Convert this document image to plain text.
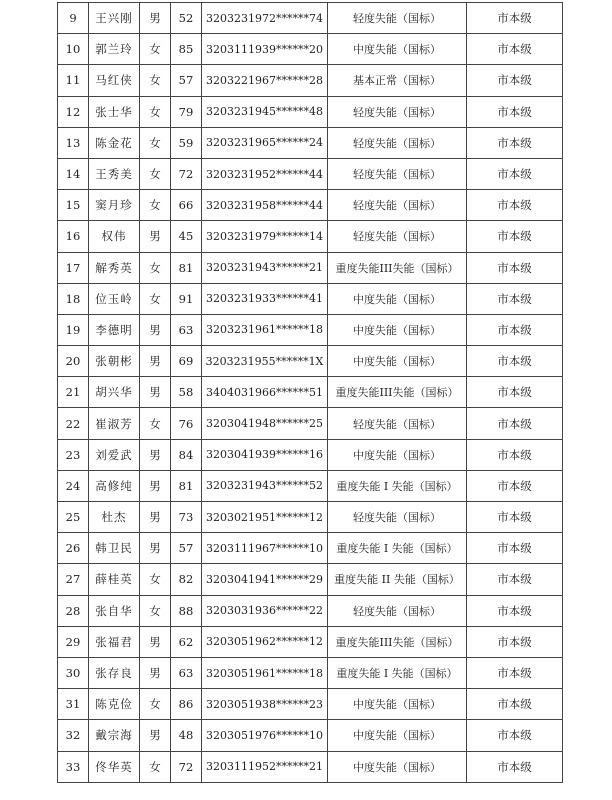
9	王兴刚	男	52	3203231972******74	轻度失能（国标）	市本级
10	郭兰玲	女	85	3203111939******20	中度失能（国标）	市本级
11	马红侠	女	57	3203221967******28	基本正常（国标）	市本级
12	张士华	女	79	3203231945******48	轻度失能（国标）	市本级
13	陈金花	女	59	3203231965******24	轻度失能（国标）	市本级
14	王秀美	女	72	3203231952******44	轻度失能（国标）	市本级
15	窦月珍	女	66	3203231958******44	轻度失能（国标）	市本级
16	权伟	男	45	3203231979******14	轻度失能（国标）	市本级
17	解秀英	女	81	3203231943******21	重度失能III失能（国标）	市本级
18	位玉岭	女	91	3203231933******41	中度失能（国标）	市本级
19	李德明	男	63	3203231961******18	中度失能（国标）	市本级
20	张朝彬	男	69	3203231955******1X	中度失能（国标）	市本级
21	胡兴华	男	58	3404031966******51	重度失能III失能（国标）	市本级
22	崔淑芳	女	76	3203041948******25	轻度失能（国标）	市本级
23	刘爱武	男	84	3203041939******16	中度失能（国标）	市本级
24	高修纯	男	81	3203231943******52	重度失能 I 失能（国标）	市本级
25	杜杰	男	73	3203021951******12	轻度失能（国标）	市本级
26	韩卫民	男	57	3203111967******10	重度失能 I 失能（国标）	市本级
27	薛桂英	女	82	3203041941******29	重度失能 II 失能（国标）	市本级
28	张自华	女	88	3203031936******22	轻度失能（国标）	市本级
29	张福君	男	62	3203051962******12	重度失能III失能（国标）	市本级
30	张存良	男	63	3203051961******18	重度失能 I 失能（国标）	市本级
31	陈克俭	女	86	3203051938******23	中度失能（国标）	市本级
32	戴宗海	男	48	3203051976******10	中度失能（国标）	市本级
33	佟华英	女	72	3203111952******21	中度失能（国标）	市本级
